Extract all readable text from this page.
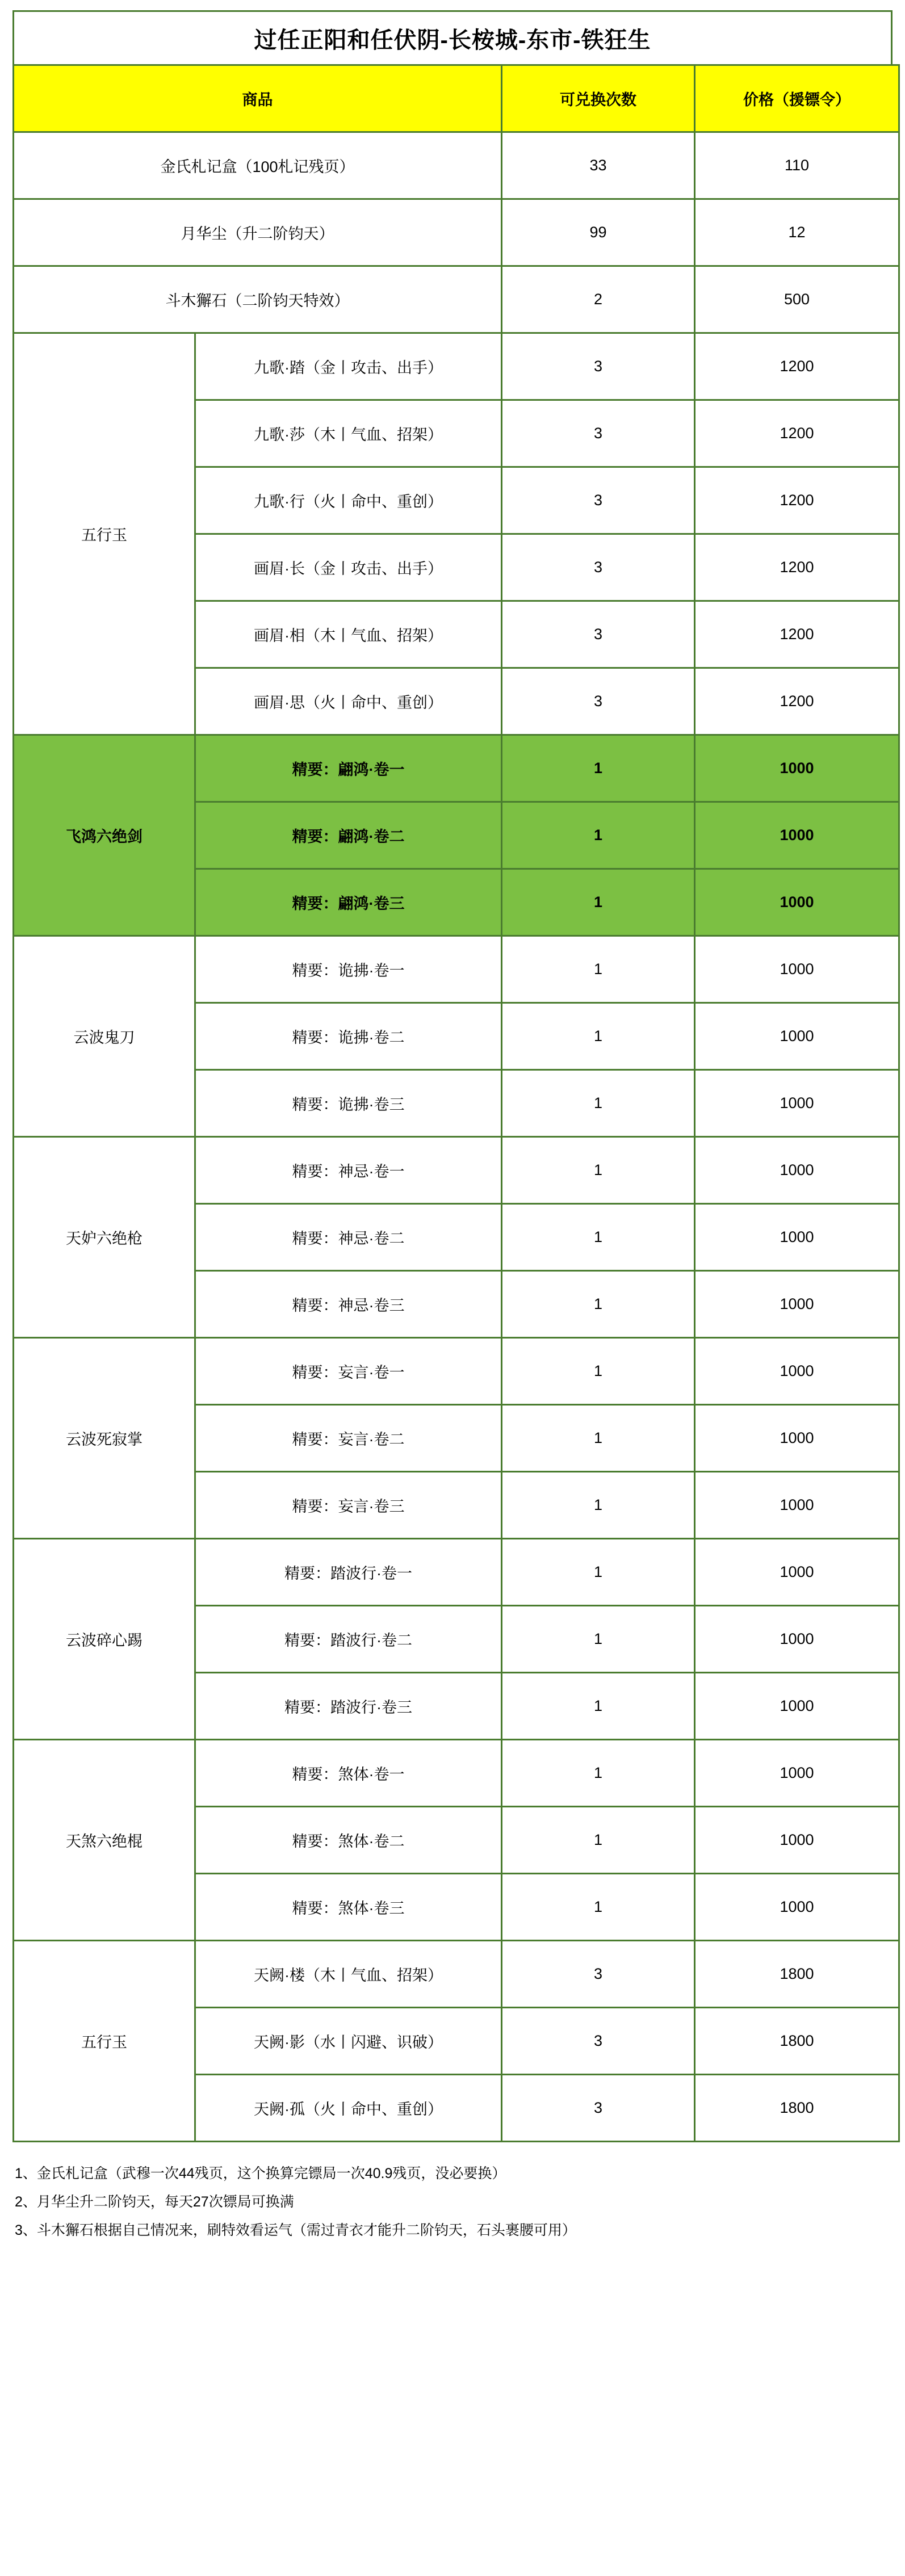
过任正阳和任伏阴-长桉城-东市-铁狂生
商品		可兑换次数	价格（援镖令）
金氏札记盒（100札记残页）		33	110
月华尘（升二阶钧天）		99	12
斗木獬石（二阶钧天特效）		2	500
五行玉	九歌·踏（金丨攻击、出手）	3	1200
	九歌·莎（木丨气血、招架）	3	1200
	九歌·行（火丨命中、重创）	3	1200
	画眉·长（金丨攻击、出手）	3	1200
	画眉·相（木丨气血、招架）	3	1200
	画眉·思（火丨命中、重创）	3	1200
飞鸿六绝剑	精要：翩鸿·卷一	1	1000
	精要：翩鸿·卷二	1	1000
	精要：翩鸿·卷三	1	1000
云波鬼刀	精要：诡拂·卷一	1	1000
	精要：诡拂·卷二	1	1000
	精要：诡拂·卷三	1	1000
天妒六绝枪	精要：神忌·卷一	1	1000
	精要：神忌·卷二	1	1000
	精要：神忌·卷三	1	1000
云波死寂掌	精要：妄言·卷一	1	1000
	精要：妄言·卷二	1	1000
	精要：妄言·卷三	1	1000
云波碎心踢	精要：踏波行·卷一	1	1000
	精要：踏波行·卷二	1	1000
	精要：踏波行·卷三	1	1000
天煞六绝棍	精要：煞体·卷一	1	1000
	精要：煞体·卷二	1	1000
	精要：煞体·卷三	1	1000
五行玉	天阙·楼（木丨气血、招架）	3	1800
	天阙·影（水丨闪避、识破）	3	1800
	天阙·孤（火丨命中、重创）	3	1800
1、金氏札记盒（武穆一次44残页，这个换算完镖局一次40.9残页，没必要换）
2、月华尘升二阶钧天，每天27次镖局可换满
3、斗木獬石根据自己情况来，刷特效看运气（需过青衣才能升二阶钧天，石头裹腰可用）
